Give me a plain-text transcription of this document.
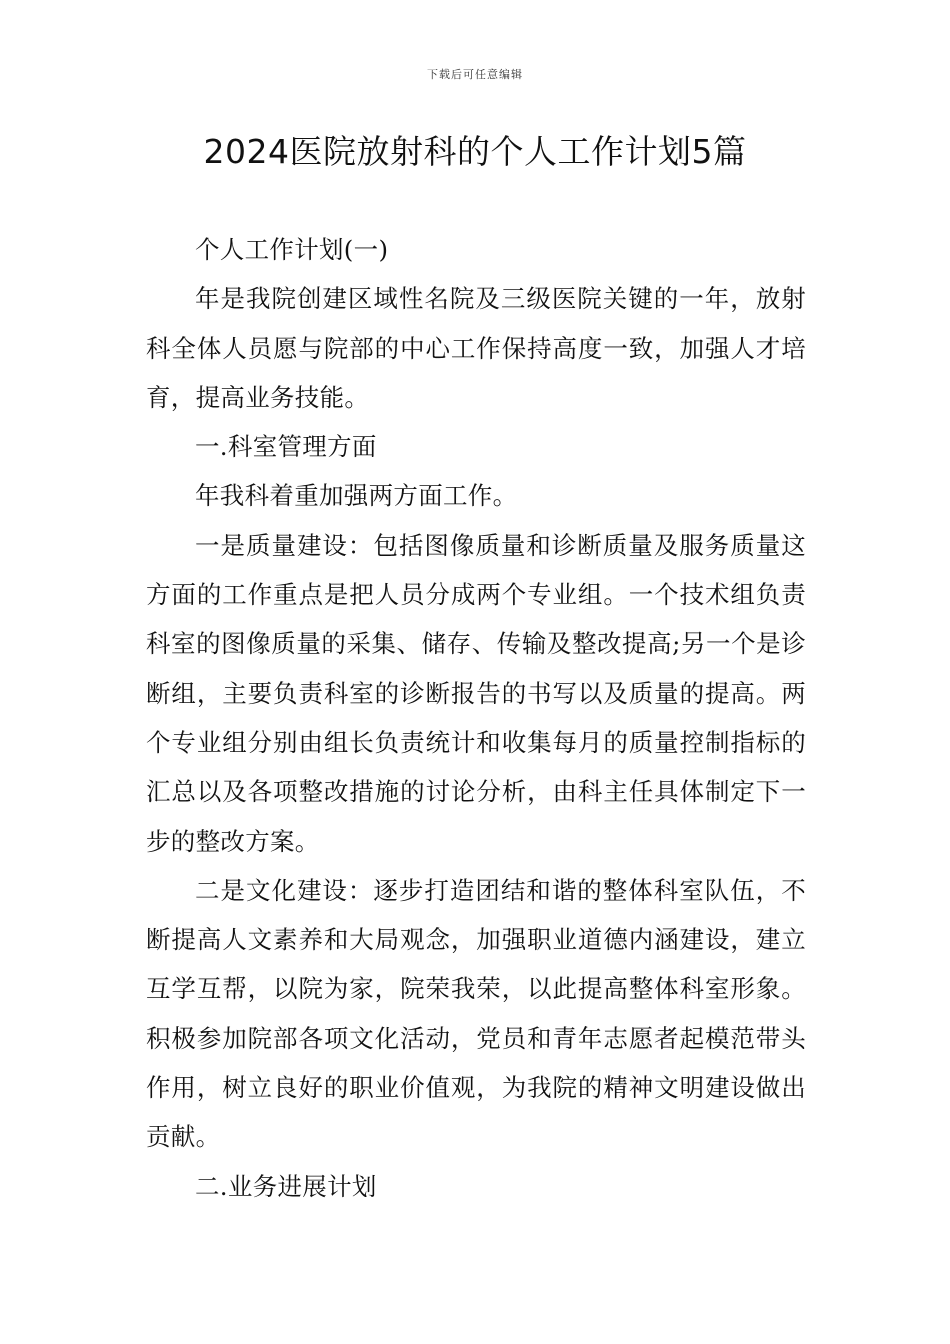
下载后可任意编辑
2024医院放射科的个人工作计划5篇

个人工作计划(一)

年是我院创建区域性名院及三级医院关键的一年，放射科全体人员愿与院部的中心工作保持高度一致，加强人才培育，提高业务技能。

一.科室管理方面

年我科着重加强两方面工作。

一是质量建设：包括图像质量和诊断质量及服务质量这方面的工作重点是把人员分成两个专业组。一个技术组负责科室的图像质量的采集、储存、传输及整改提高;另一个是诊断组，主要负责科室的诊断报告的书写以及质量的提高。两个专业组分别由组长负责统计和收集每月的质量控制指标的汇总以及各项整改措施的讨论分析，由科主任具体制定下一步的整改方案。

二是文化建设：逐步打造团结和谐的整体科室队伍，不断提高人文素养和大局观念，加强职业道德内涵建设，建立互学互帮，以院为家，院荣我荣，以此提高整体科室形象。积极参加院部各项文化活动，党员和青年志愿者起模范带头作用，树立良好的职业价值观，为我院的精神文明建设做出贡献。

二.业务进展计划
